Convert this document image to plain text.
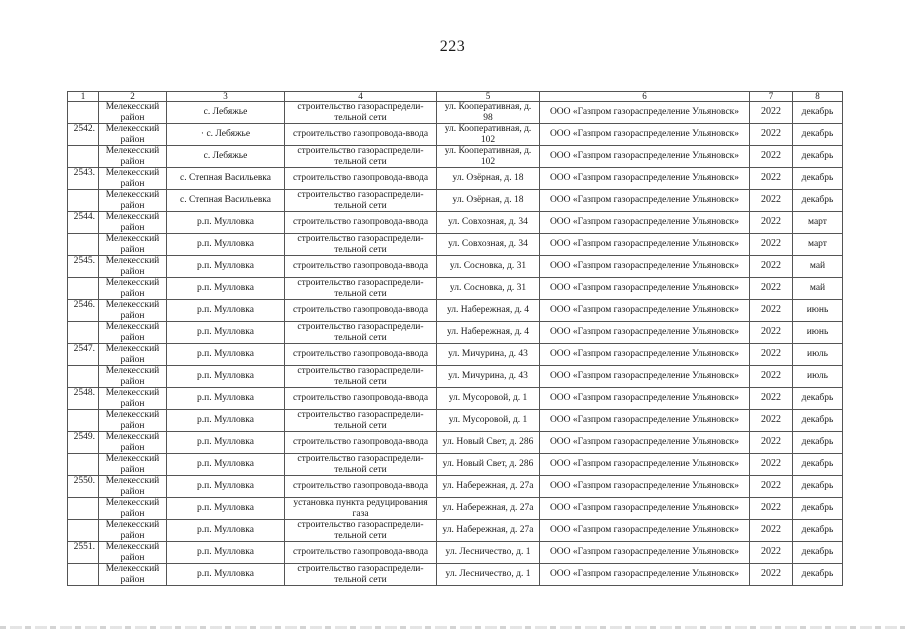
223
1	2	3	4	5	6	7	8
	Мелекесский район	с. Лебяжье	строительство газораспредели-тельной сети	ул. Кооперативная, д. 98	ООО «Газпром газораспределение Ульяновск»	2022	декабрь
2542.	Мелекесский район	· с. Лебяжье	строительство газопровода-ввода	ул. Кооперативная, д. 102	ООО «Газпром газораспределение Ульяновск»	2022	декабрь
	Мелекесский район	с. Лебяжье	строительство газораспредели-тельной сети	ул. Кооперативная, д. 102	ООО «Газпром газораспределение Ульяновск»	2022	декабрь
2543.	Мелекесский район	с. Степная Васильевка	строительство газопровода-ввода	ул. Озёрная, д. 18	ООО «Газпром газораспределение Ульяновск»	2022	декабрь
	Мелекесский район	с. Степная Васильевка	строительство газораспредели-тельной сети	ул. Озёрная, д. 18	ООО «Газпром газораспределение Ульяновск»	2022	декабрь
2544.	Мелекесский район	р.п. Мулловка	строительство газопровода-ввода	ул. Совхозная, д. 34	ООО «Газпром газораспределение Ульяновск»	2022	март
	Мелекесский район	р.п. Мулловка	строительство газораспредели-тельной сети	ул. Совхозная, д. 34	ООО «Газпром газораспределение Ульяновск»	2022	март
2545.	Мелекесский район	р.п. Мулловка	строительство газопровода-ввода	ул. Сосновка, д. 31	ООО «Газпром газораспределение Ульяновск»	2022	май
	Мелекесский район	р.п. Мулловка	строительство газораспредели-тельной сети	ул. Сосновка, д. 31	ООО «Газпром газораспределение Ульяновск»	2022	май
2546.	Мелекесский район	р.п. Мулловка	строительство газопровода-ввода	ул. Набережная, д. 4	ООО «Газпром газораспределение Ульяновск»	2022	июнь
	Мелекесский район	р.п. Мулловка	строительство газораспредели-тельной сети	ул. Набережная, д. 4	ООО «Газпром газораспределение Ульяновск»	2022	июнь
2547.	Мелекесский район	р.п. Мулловка	строительство газопровода-ввода	ул. Мичурина, д. 43	ООО «Газпром газораспределение Ульяновск»	2022	июль
	Мелекесский район	р.п. Мулловка	строительство газораспредели-тельной сети	ул. Мичурина, д. 43	ООО «Газпром газораспределение Ульяновск»	2022	июль
2548.	Мелекесский район	р.п. Мулловка	строительство газопровода-ввода	ул. Мусоровой, д. 1	ООО «Газпром газораспределение Ульяновск»	2022	декабрь
	Мелекесский район	р.п. Мулловка	строительство газораспредели-тельной сети	ул. Мусоровой, д. 1	ООО «Газпром газораспределение Ульяновск»	2022	декабрь
2549.	Мелекесский район	р.п. Мулловка	строительство газопровода-ввода	ул. Новый Свет, д. 286	ООО «Газпром газораспределение Ульяновск»	2022	декабрь
	Мелекесский район	р.п. Мулловка	строительство газораспредели-тельной сети	ул. Новый Свет, д. 286	ООО «Газпром газораспределение Ульяновск»	2022	декабрь
2550.	Мелекесский район	р.п. Мулловка	строительство газопровода-ввода	ул. Набережная, д. 27а	ООО «Газпром газораспределение Ульяновск»	2022	декабрь
	Мелекесский район	р.п. Мулловка	установка пункта редуцирования газа	ул. Набережная, д. 27а	ООО «Газпром газораспределение Ульяновск»	2022	декабрь
	Мелекесский район	р.п. Мулловка	строительство газораспредели-тельной сети	ул. Набережная, д. 27а	ООО «Газпром газораспределение Ульяновск»	2022	декабрь
2551.	Мелекесский район	р.п. Мулловка	строительство газопровода-ввода	ул. Лесничество, д. 1	ООО «Газпром газораспределение Ульяновск»	2022	декабрь
	Мелекесский район	р.п. Мулловка	строительство газораспредели-тельной сети	ул. Лесничество, д. 1	ООО «Газпром газораспределение Ульяновск»	2022	декабрь
